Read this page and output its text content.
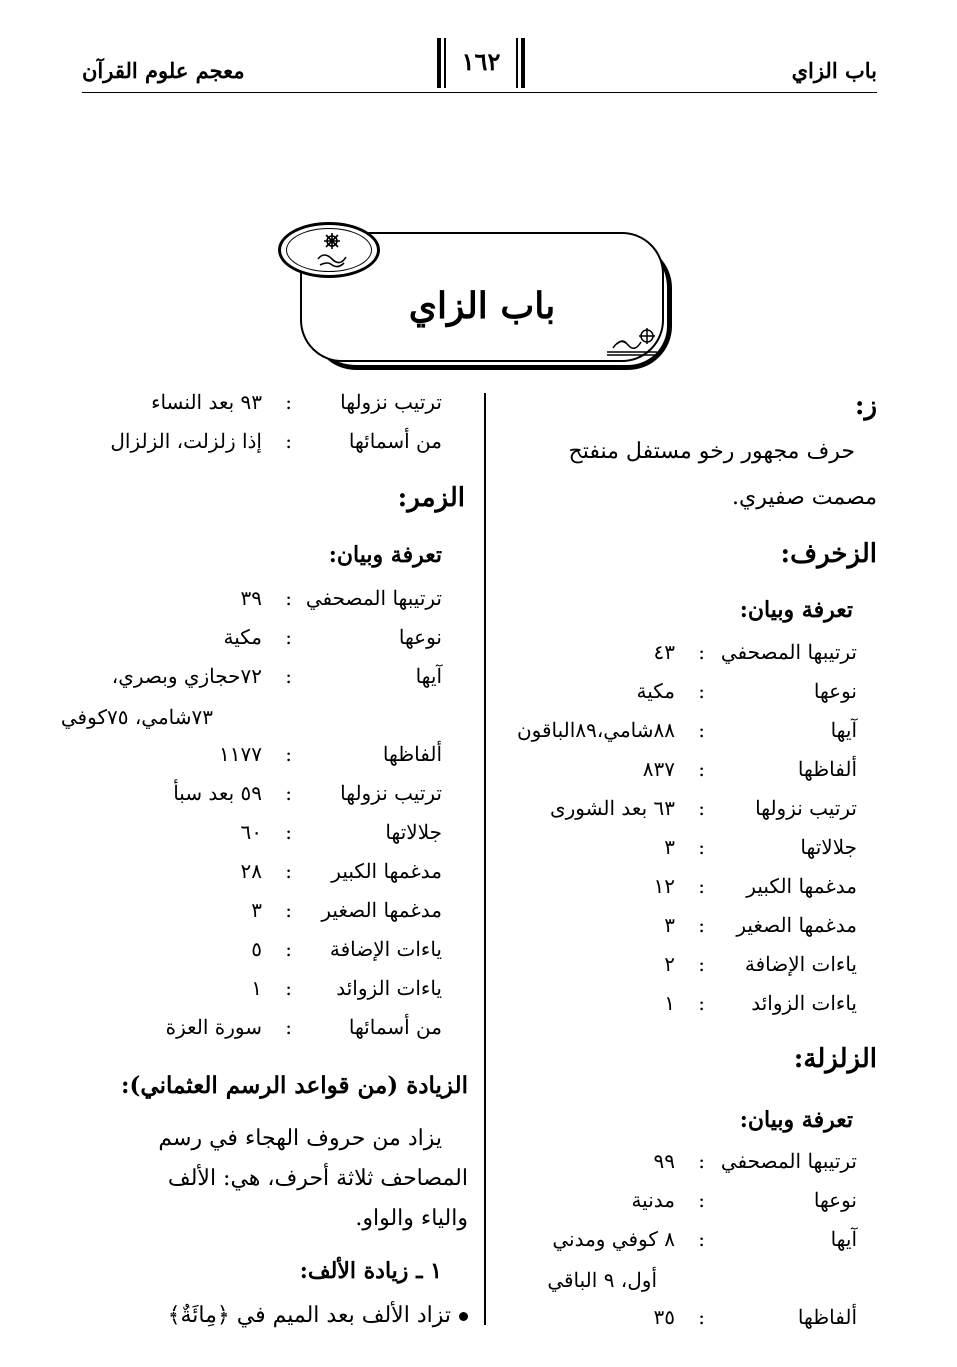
باب الزاي
معجم علوم القرآن	١٦٢
باب الزاي
ز:
حرف مجهور رخو مستفل منفتح
مصمت صفيري.
الزخرف:
تعرفة وبيان:
ترتيبها المصحفي
:
٤٣
نوعها
:
مكية
آيها
:
٨٨شامي،٨٩الباقون
ألفاظها
:
٨٣٧
ترتيب نزولها
:
٦٣ بعد الشورى
جلالاتها
:
٣
مدغمها الكبير
:
١٢
مدغمها الصغير
:
٣
ياءات الإضافة
:
٢
ياءات الزوائد
:
١
الزلزلة:
تعرفة وبيان:
ترتيبها المصحفي
:
٩٩
نوعها
:
مدنية
آيها
:
٨ كوفي ومدني
أول، ٩ الباقي
ألفاظها
:
٣٥
ترتيب نزولها
:
٩٣ بعد النساء
من أسمائها
:
إذا زلزلت، الزلزال
الزمر:
تعرفة وبيان:
ترتيبها المصحفي
:
٣٩
نوعها
:
مكية
آيها
:
٧٢حجازي وبصري،
٧٣شامي، ٧٥كوفي
ألفاظها
:
١١٧٧
ترتيب نزولها
:
٥٩ بعد سبأ
جلالاتها
:
٦٠
مدغمها الكبير
:
٢٨
مدغمها الصغير
:
٣
ياءات الإضافة
:
٥
ياءات الزوائد
:
١
من أسمائها
:
سورة العزة
الزيادة (من قواعد الرسم العثماني):
يزاد من حروف الهجاء في رسم
المصاحف ثلاثة أحرف، هي: الألف
والياء والواو.
١ ـ زيادة الألف:
تزاد الألف بعد الميم في ﴿مِائَةٌ﴾
